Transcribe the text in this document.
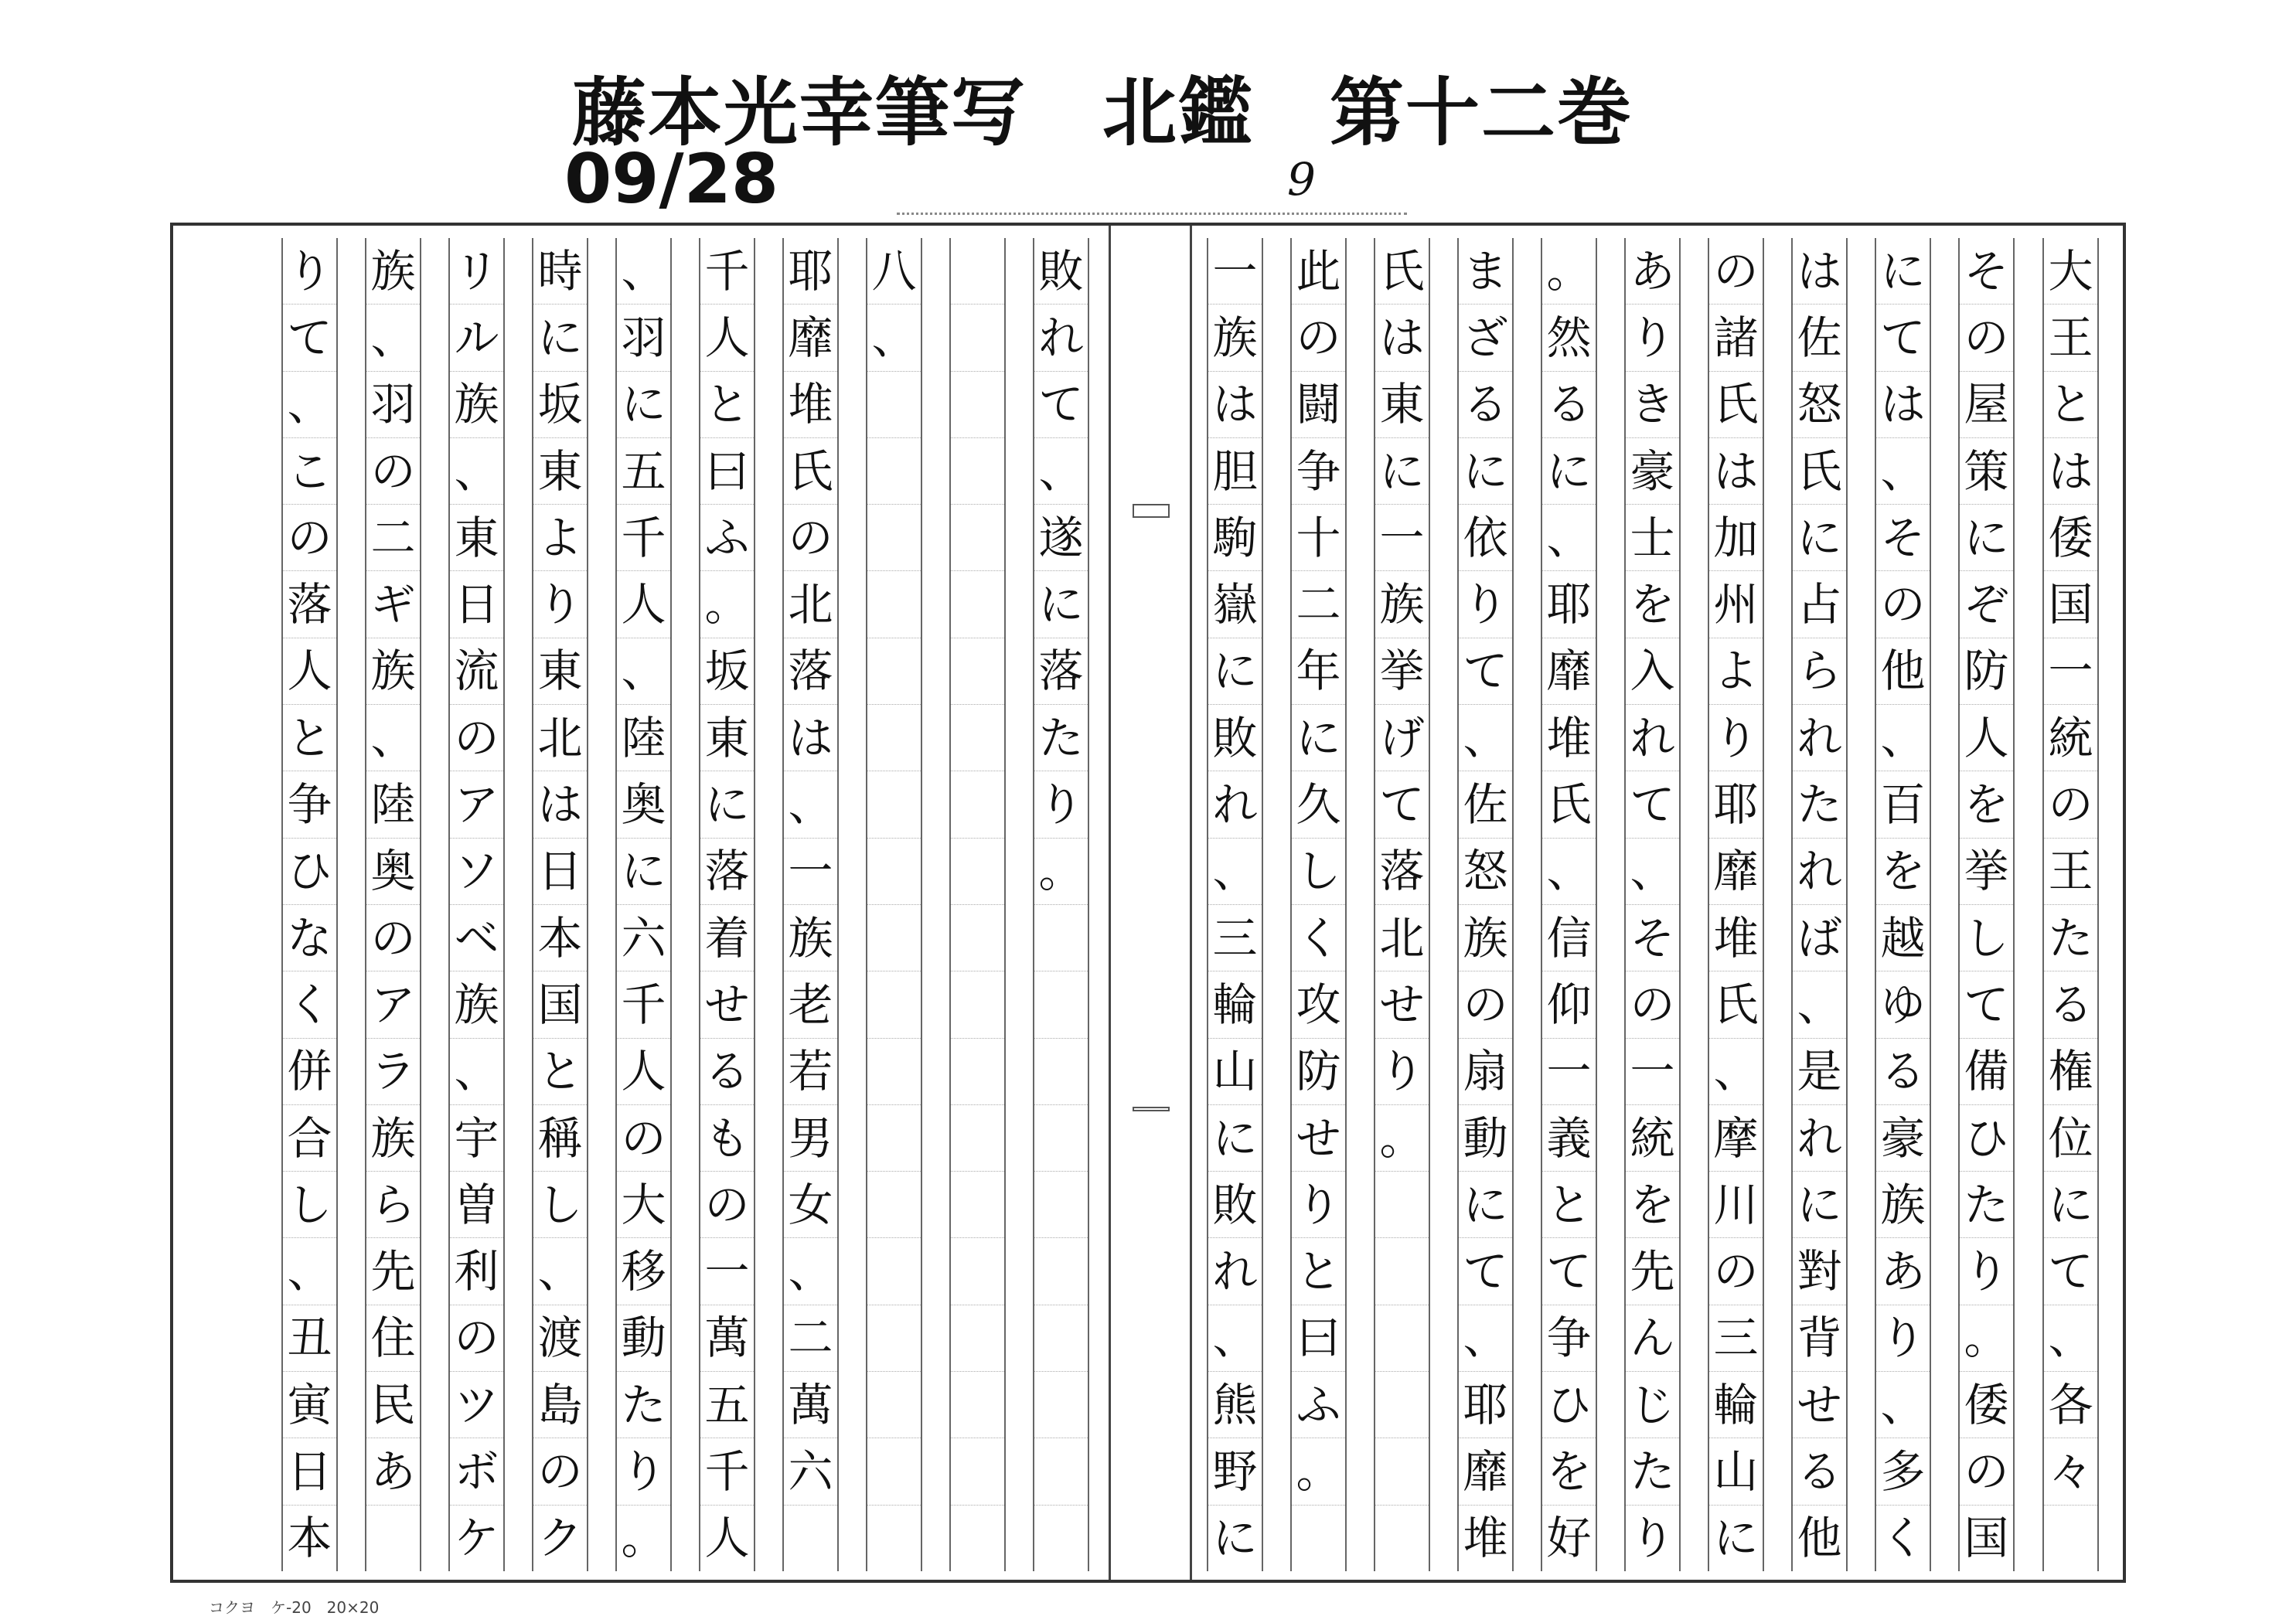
藤本光幸筆写　北鑑　第十二巻
09/28	9
大
王
と
は
倭
国
一
統
の
王
た
る
権
位
に
て
、
各
々
そ
の
屋
策
に
ぞ
防
人
を
挙
し
て
備
ひ
た
り
。
倭
の
国
に
て
は
、
そ
の
他
、
百
を
越
ゆ
る
豪
族
あ
り
、
多
く
は
佐
怒
氏
に
占
ら
れ
た
れ
ば
、
是
れ
に
對
背
せ
る
他
の
諸
氏
は
加
州
よ
り
耶
靡
堆
氏
、
摩
川
の
三
輪
山
に
あ
り
き
豪
士
を
入
れ
て
、
そ
の
一
統
を
先
ん
じ
た
り
。
然
る
に
、
耶
靡
堆
氏
、
信
仰
一
義
と
て
争
ひ
を
好
ま
ざ
る
に
依
り
て
、
佐
怒
族
の
扇
動
に
て
、
耶
靡
堆
氏
は
東
に
一
族
挙
げ
て
落
北
せ
り
。
此
の
闘
争
十
二
年
に
久
し
く
攻
防
せ
り
と
曰
ふ
。
一
族
は
胆
駒
嶽
に
敗
れ
、
三
輪
山
に
敗
れ
、
熊
野
に
敗
れ
て
、
遂
に
落
た
り
。
八
、
耶
靡
堆
氏
の
北
落
は
、
一
族
老
若
男
女
、
二
萬
六
千
人
と
曰
ふ
。
坂
東
に
落
着
せ
る
も
の
一
萬
五
千
人
、
羽
に
五
千
人
、
陸
奥
に
六
千
人
の
大
移
動
た
り
。
時
に
坂
東
よ
り
東
北
は
日
本
国
と
稱
し
、
渡
島
の
ク
リ
ル
族
、
東
日
流
の
ア
ソ
ベ
族
、
宇
曽
利
の
ツ
ボ
ケ
族
、
羽
の
二
ギ
族
、
陸
奥
の
ア
ラ
族
ら
先
住
民
あ
り
て
、
こ
の
落
人
と
争
ひ
な
く
併
合
し
、
丑
寅
日
本
コクヨ　ケ-20　20×20
